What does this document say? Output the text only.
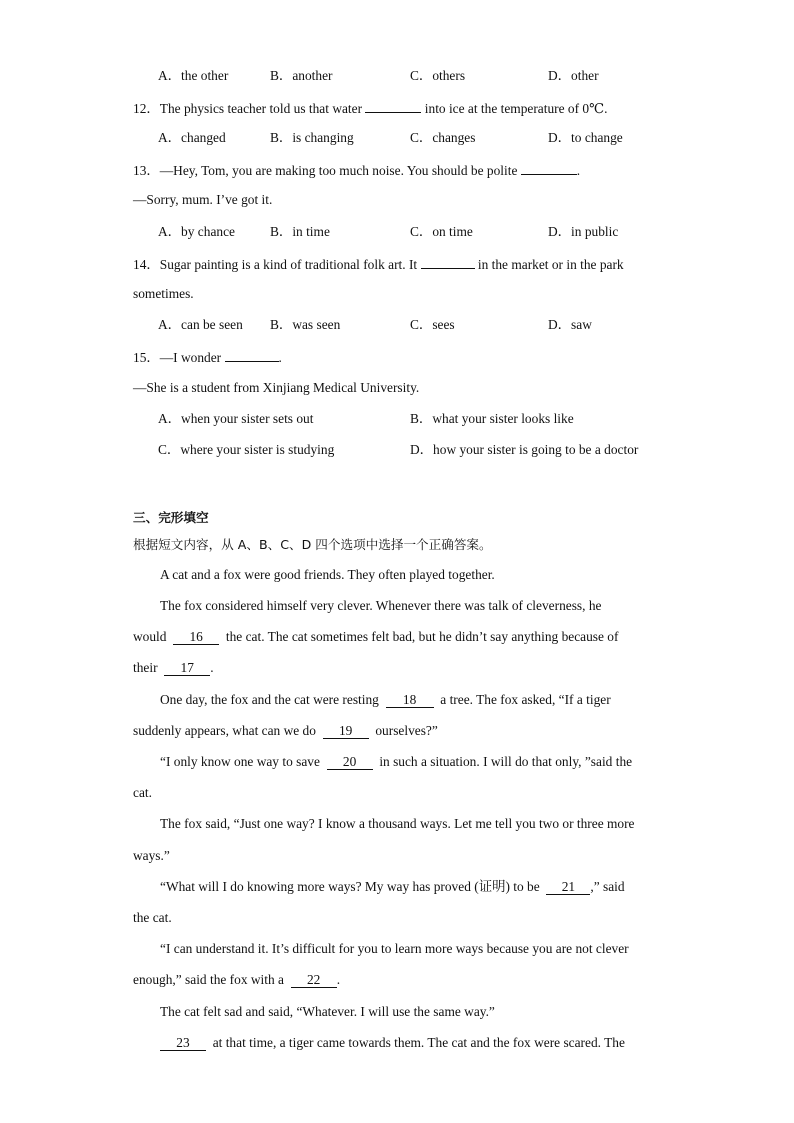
A．the other	B．another	C．others	D．other
12．The physics teacher told us that water	into ice at the temperature of 0℃.
A．changed	B．is changing	C．changes	D．to change
13．—Hey, Tom, you are making too much noise. You should be polite	.
—Sorry, mum. I’ve got it.
A．by chance	B．in time	C．on time	D．in public
14．Sugar painting is a kind of traditional folk art. It	in the market or in the park
sometimes.
A．can be seen B．was seen	C．sees	D．saw
15．—I wonder	.
—She is a student from Xinjiang Medical University.
A．when your sister sets out	B．what your sister looks like
C．where your sister is studying	D．how your sister is going to be a doctor
三、完形填空
根据短文内容，从 A、B、C、D 四个选项中选择一个正确答案。
A cat and a fox were good friends. They often played together.
The fox considered himself very clever. Whenever there was talk of cleverness, he
would 16 the cat. The cat sometimes felt bad, but he didn’t say anything because of
their 17 .
One day, the fox and the cat were resting 18 a tree. The fox asked, “If a tiger
suddenly appears, what can we do 19 ourselves?”
“I only know one way to save 20 in such a situation. I will do that only, ”said the
cat.
The fox said, “Just one way? I know a thousand ways. Let me tell you two or three more
ways.”
“What will I do knowing more ways? My way has proved (证明) to be 21 ,” said
the cat.
“I can understand it. It’s difficult for you to learn more ways because you are not clever
enough,” said the fox with a 22 .
The cat felt sad and said, “Whatever. I will use the same way.”
23 at that time, a tiger came towards them. The cat and the fox were scared. The
